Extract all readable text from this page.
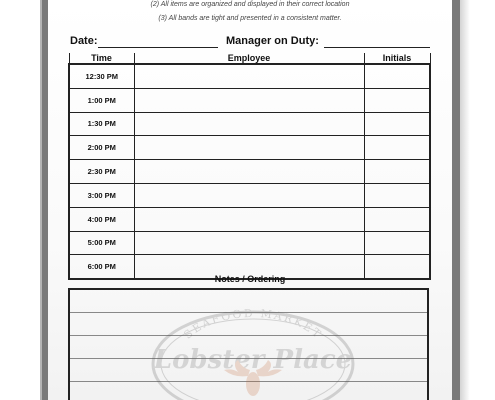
(2) All items are organized and displayed in their correct location
(3) All bands are tight and presented in a consistent matter.
Date:	Manager on Duty:
Time	Employee	Initials
12:30 PM		
1:00 PM		
1:30 PM		
2:00 PM		
2:30 PM		
3:00 PM		
4:00 PM		
5:00 PM		
6:00 PM		
Notes / Ordering
SEAFOOD MARKET
Lobster Place
